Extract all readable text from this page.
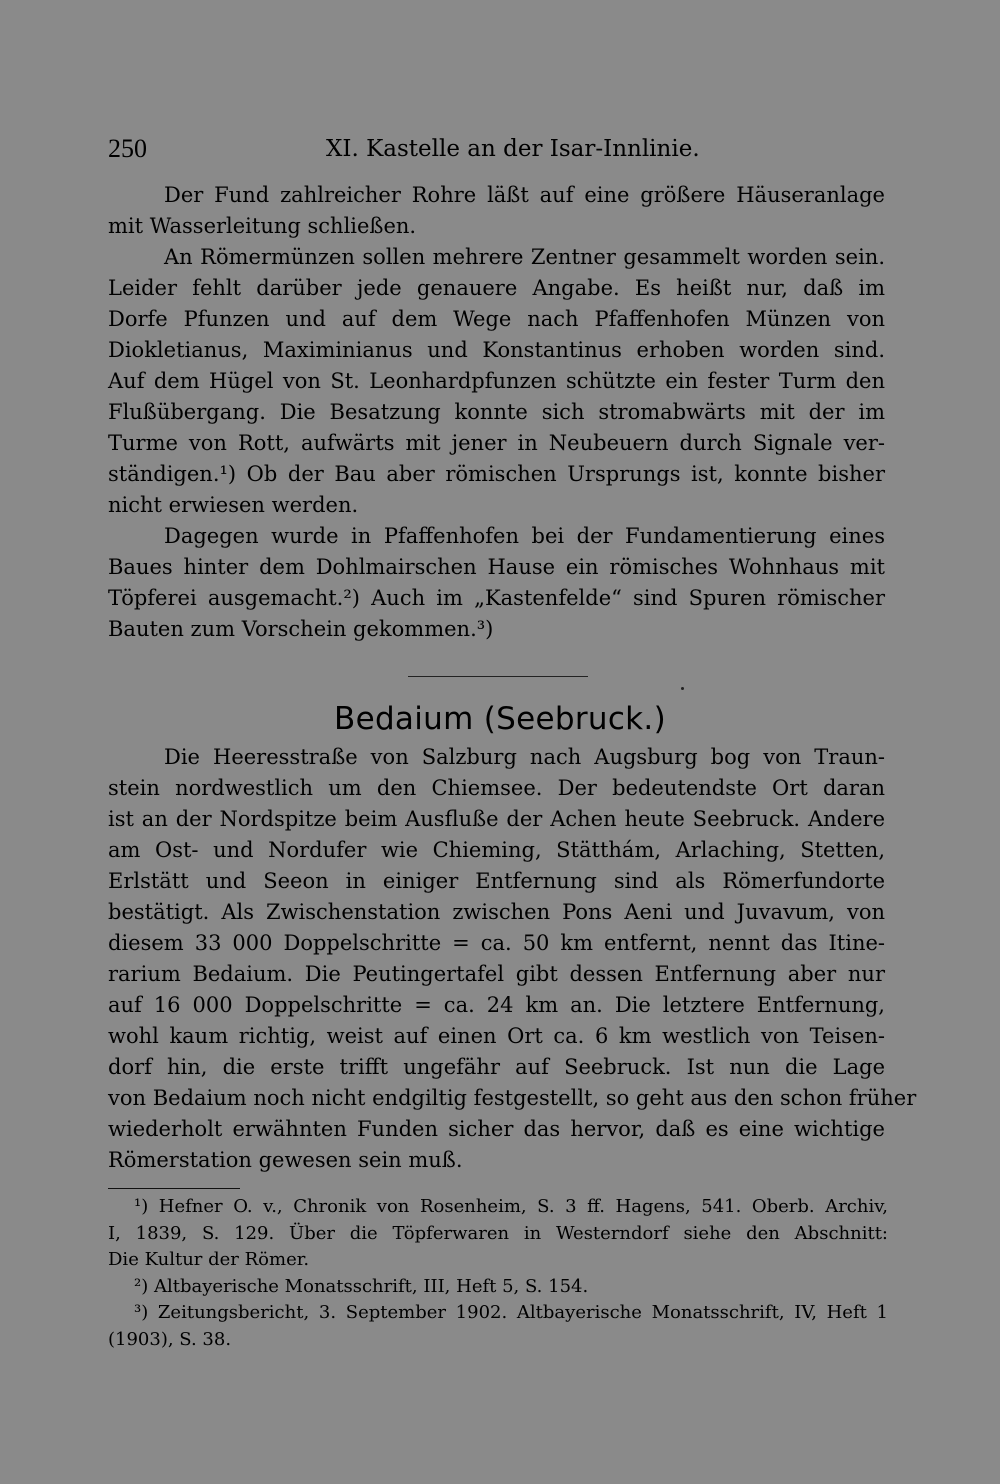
250	XI. Kastelle an der Isar-Innlinie.
Der Fund zahlreicher Rohre läßt auf eine größere Häuseranlage
mit Wasserleitung schließen.
An Römermünzen sollen mehrere Zentner gesammelt worden sein.
Leider fehlt darüber jede genauere Angabe. Es heißt nur, daß im
Dorfe Pfunzen und auf dem Wege nach Pfaffenhofen Münzen von
Diokletianus, Maximinianus und Konstantinus erhoben worden sind.
Auf dem Hügel von St. Leonhardpfunzen schützte ein fester Turm den
Flußübergang. Die Besatzung konnte sich stromabwärts mit der im
Turme von Rott, aufwärts mit jener in Neubeuern durch Signale ver-
ständigen.¹) Ob der Bau aber römischen Ursprungs ist, konnte bisher
nicht erwiesen werden.
Dagegen wurde in Pfaffenhofen bei der Fundamentierung eines
Baues hinter dem Dohlmairschen Hause ein römisches Wohnhaus mit
Töpferei ausgemacht.²) Auch im „Kastenfelde“ sind Spuren römischer
Bauten zum Vorschein gekommen.³)
Bedaium (Seebruck.)
Die Heeresstraße von Salzburg nach Augsburg bog von Traun-
stein nordwestlich um den Chiemsee. Der bedeutendste Ort daran
ist an der Nordspitze beim Ausfluße der Achen heute Seebruck. Andere
am Ost- und Nordufer wie Chieming, Stätthám, Arlaching, Stetten,
Erlstätt und Seeon in einiger Entfernung sind als Römerfundorte
bestätigt. Als Zwischenstation zwischen Pons Aeni und Juvavum, von
diesem 33 000 Doppelschritte = ca. 50 km entfernt, nennt das Itine-
rarium Bedaium. Die Peutingertafel gibt dessen Entfernung aber nur
auf 16 000 Doppelschritte = ca. 24 km an. Die letztere Entfernung,
wohl kaum richtig, weist auf einen Ort ca. 6 km westlich von Teisen-
dorf hin, die erste trifft ungefähr auf Seebruck. Ist nun die Lage
von Bedaium noch nicht endgiltig festgestellt, so geht aus den schon früher
wiederholt erwähnten Funden sicher das hervor, daß es eine wichtige
Römerstation gewesen sein muß.
¹) Hefner O. v., Chronik von Rosenheim, S. 3 ff. Hagens, 541. Oberb. Archiv,
I, 1839, S. 129. Über die Töpferwaren in Westerndorf siehe den Abschnitt:
Die Kultur der Römer.
²) Altbayerische Monatsschrift, III, Heft 5, S. 154.
³) Zeitungsbericht, 3. September 1902. Altbayerische Monatsschrift, IV, Heft 1
(1903), S. 38.
